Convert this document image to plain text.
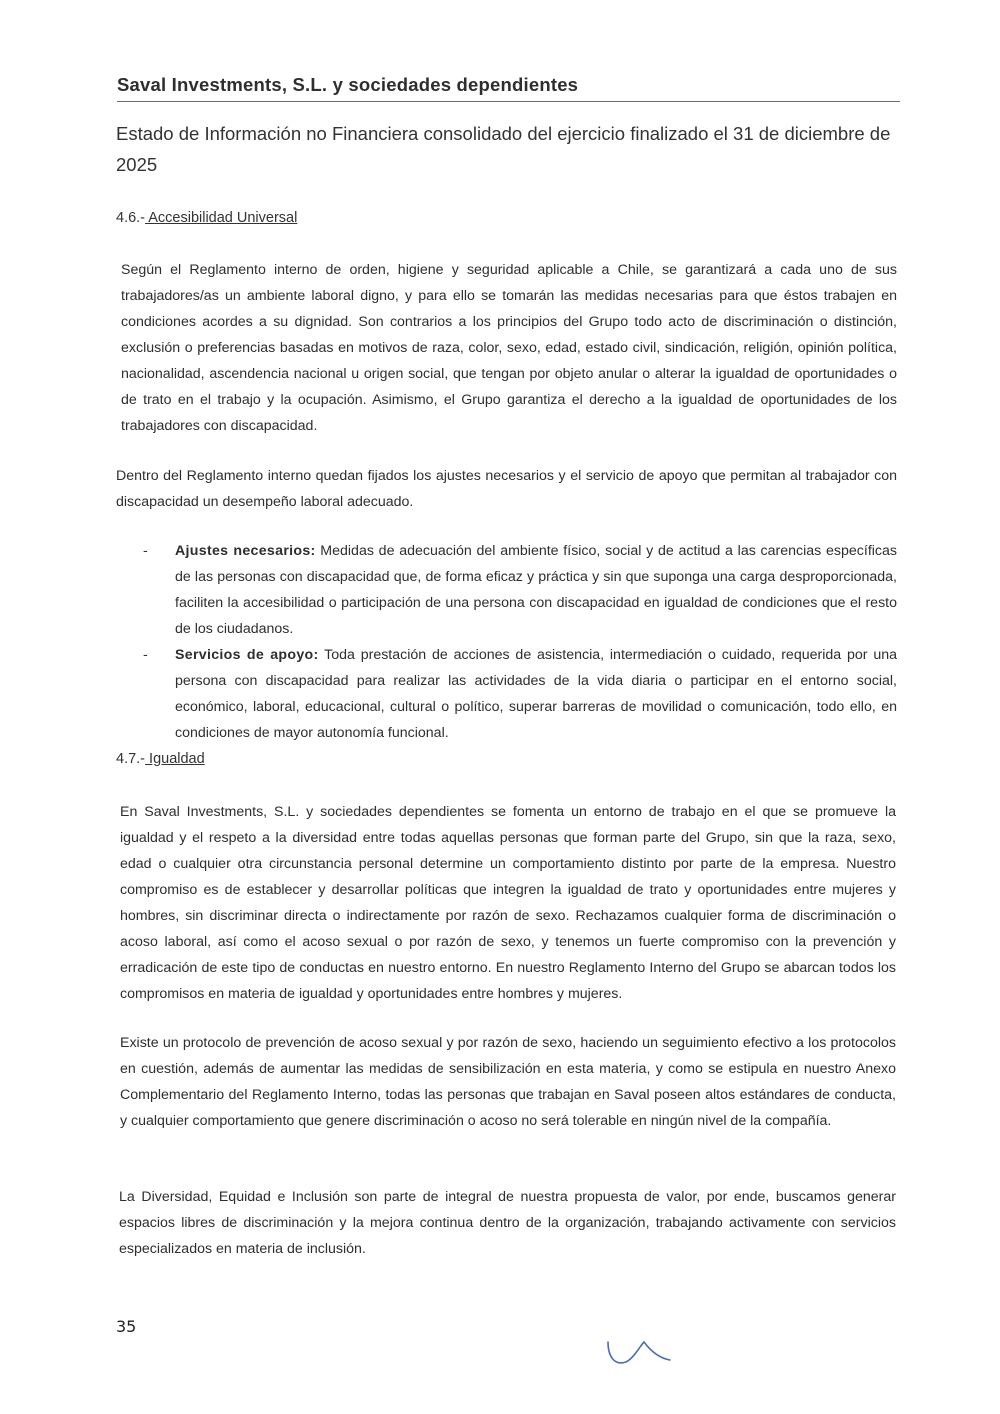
Saval Investments, S.L. y sociedades dependientes
Estado de Información no Financiera consolidado del ejercicio finalizado el 31 de diciembre de 2025
4.6.- Accesibilidad Universal
Según el Reglamento interno de orden, higiene y seguridad aplicable a Chile, se garantizará a cada uno de sus trabajadores/as un ambiente laboral digno, y para ello se tomarán las medidas necesarias para que éstos trabajen en condiciones acordes a su dignidad. Son contrarios a los principios del Grupo todo acto de discriminación o distinción, exclusión o preferencias basadas en motivos de raza, color, sexo, edad, estado civil, sindicación, religión, opinión política, nacionalidad, ascendencia nacional u origen social, que tengan por objeto anular o alterar la igualdad de oportunidades o de trato en el trabajo y la ocupación. Asimismo, el Grupo garantiza el derecho a la igualdad de oportunidades de los trabajadores con discapacidad.
Dentro del Reglamento interno quedan fijados los ajustes necesarios y el servicio de apoyo que permitan al trabajador con discapacidad un desempeño laboral adecuado.
- Ajustes necesarios: Medidas de adecuación del ambiente físico, social y de actitud a las carencias específicas de las personas con discapacidad que, de forma eficaz y práctica y sin que suponga una carga desproporcionada, faciliten la accesibilidad o participación de una persona con discapacidad en igualdad de condiciones que el resto de los ciudadanos.
- Servicios de apoyo: Toda prestación de acciones de asistencia, intermediación o cuidado, requerida por una persona con discapacidad para realizar las actividades de la vida diaria o participar en el entorno social, económico, laboral, educacional, cultural o político, superar barreras de movilidad o comunicación, todo ello, en condiciones de mayor autonomía funcional.
4.7.- Igualdad
En Saval Investments, S.L. y sociedades dependientes se fomenta un entorno de trabajo en el que se promueve la igualdad y el respeto a la diversidad entre todas aquellas personas que forman parte del Grupo, sin que la raza, sexo, edad o cualquier otra circunstancia personal determine un comportamiento distinto por parte de la empresa. Nuestro compromiso es de establecer y desarrollar políticas que integren la igualdad de trato y oportunidades entre mujeres y hombres, sin discriminar directa o indirectamente por razón de sexo. Rechazamos cualquier forma de discriminación o acoso laboral, así como el acoso sexual o por razón de sexo, y tenemos un fuerte compromiso con la prevención y erradicación de este tipo de conductas en nuestro entorno. En nuestro Reglamento Interno del Grupo se abarcan todos los compromisos en materia de igualdad y oportunidades entre hombres y mujeres.
Existe un protocolo de prevención de acoso sexual y por razón de sexo, haciendo un seguimiento efectivo a los protocolos en cuestión, además de aumentar las medidas de sensibilización en esta materia, y como se estipula en nuestro Anexo Complementario del Reglamento Interno, todas las personas que trabajan en Saval poseen altos estándares de conducta, y cualquier comportamiento que genere discriminación o acoso no será tolerable en ningún nivel de la compañía.
La Diversidad, Equidad e Inclusión son parte de integral de nuestra propuesta de valor, por ende, buscamos generar espacios libres de discriminación y la mejora continua dentro de la organización, trabajando activamente con servicios especializados en materia de inclusión.
35
